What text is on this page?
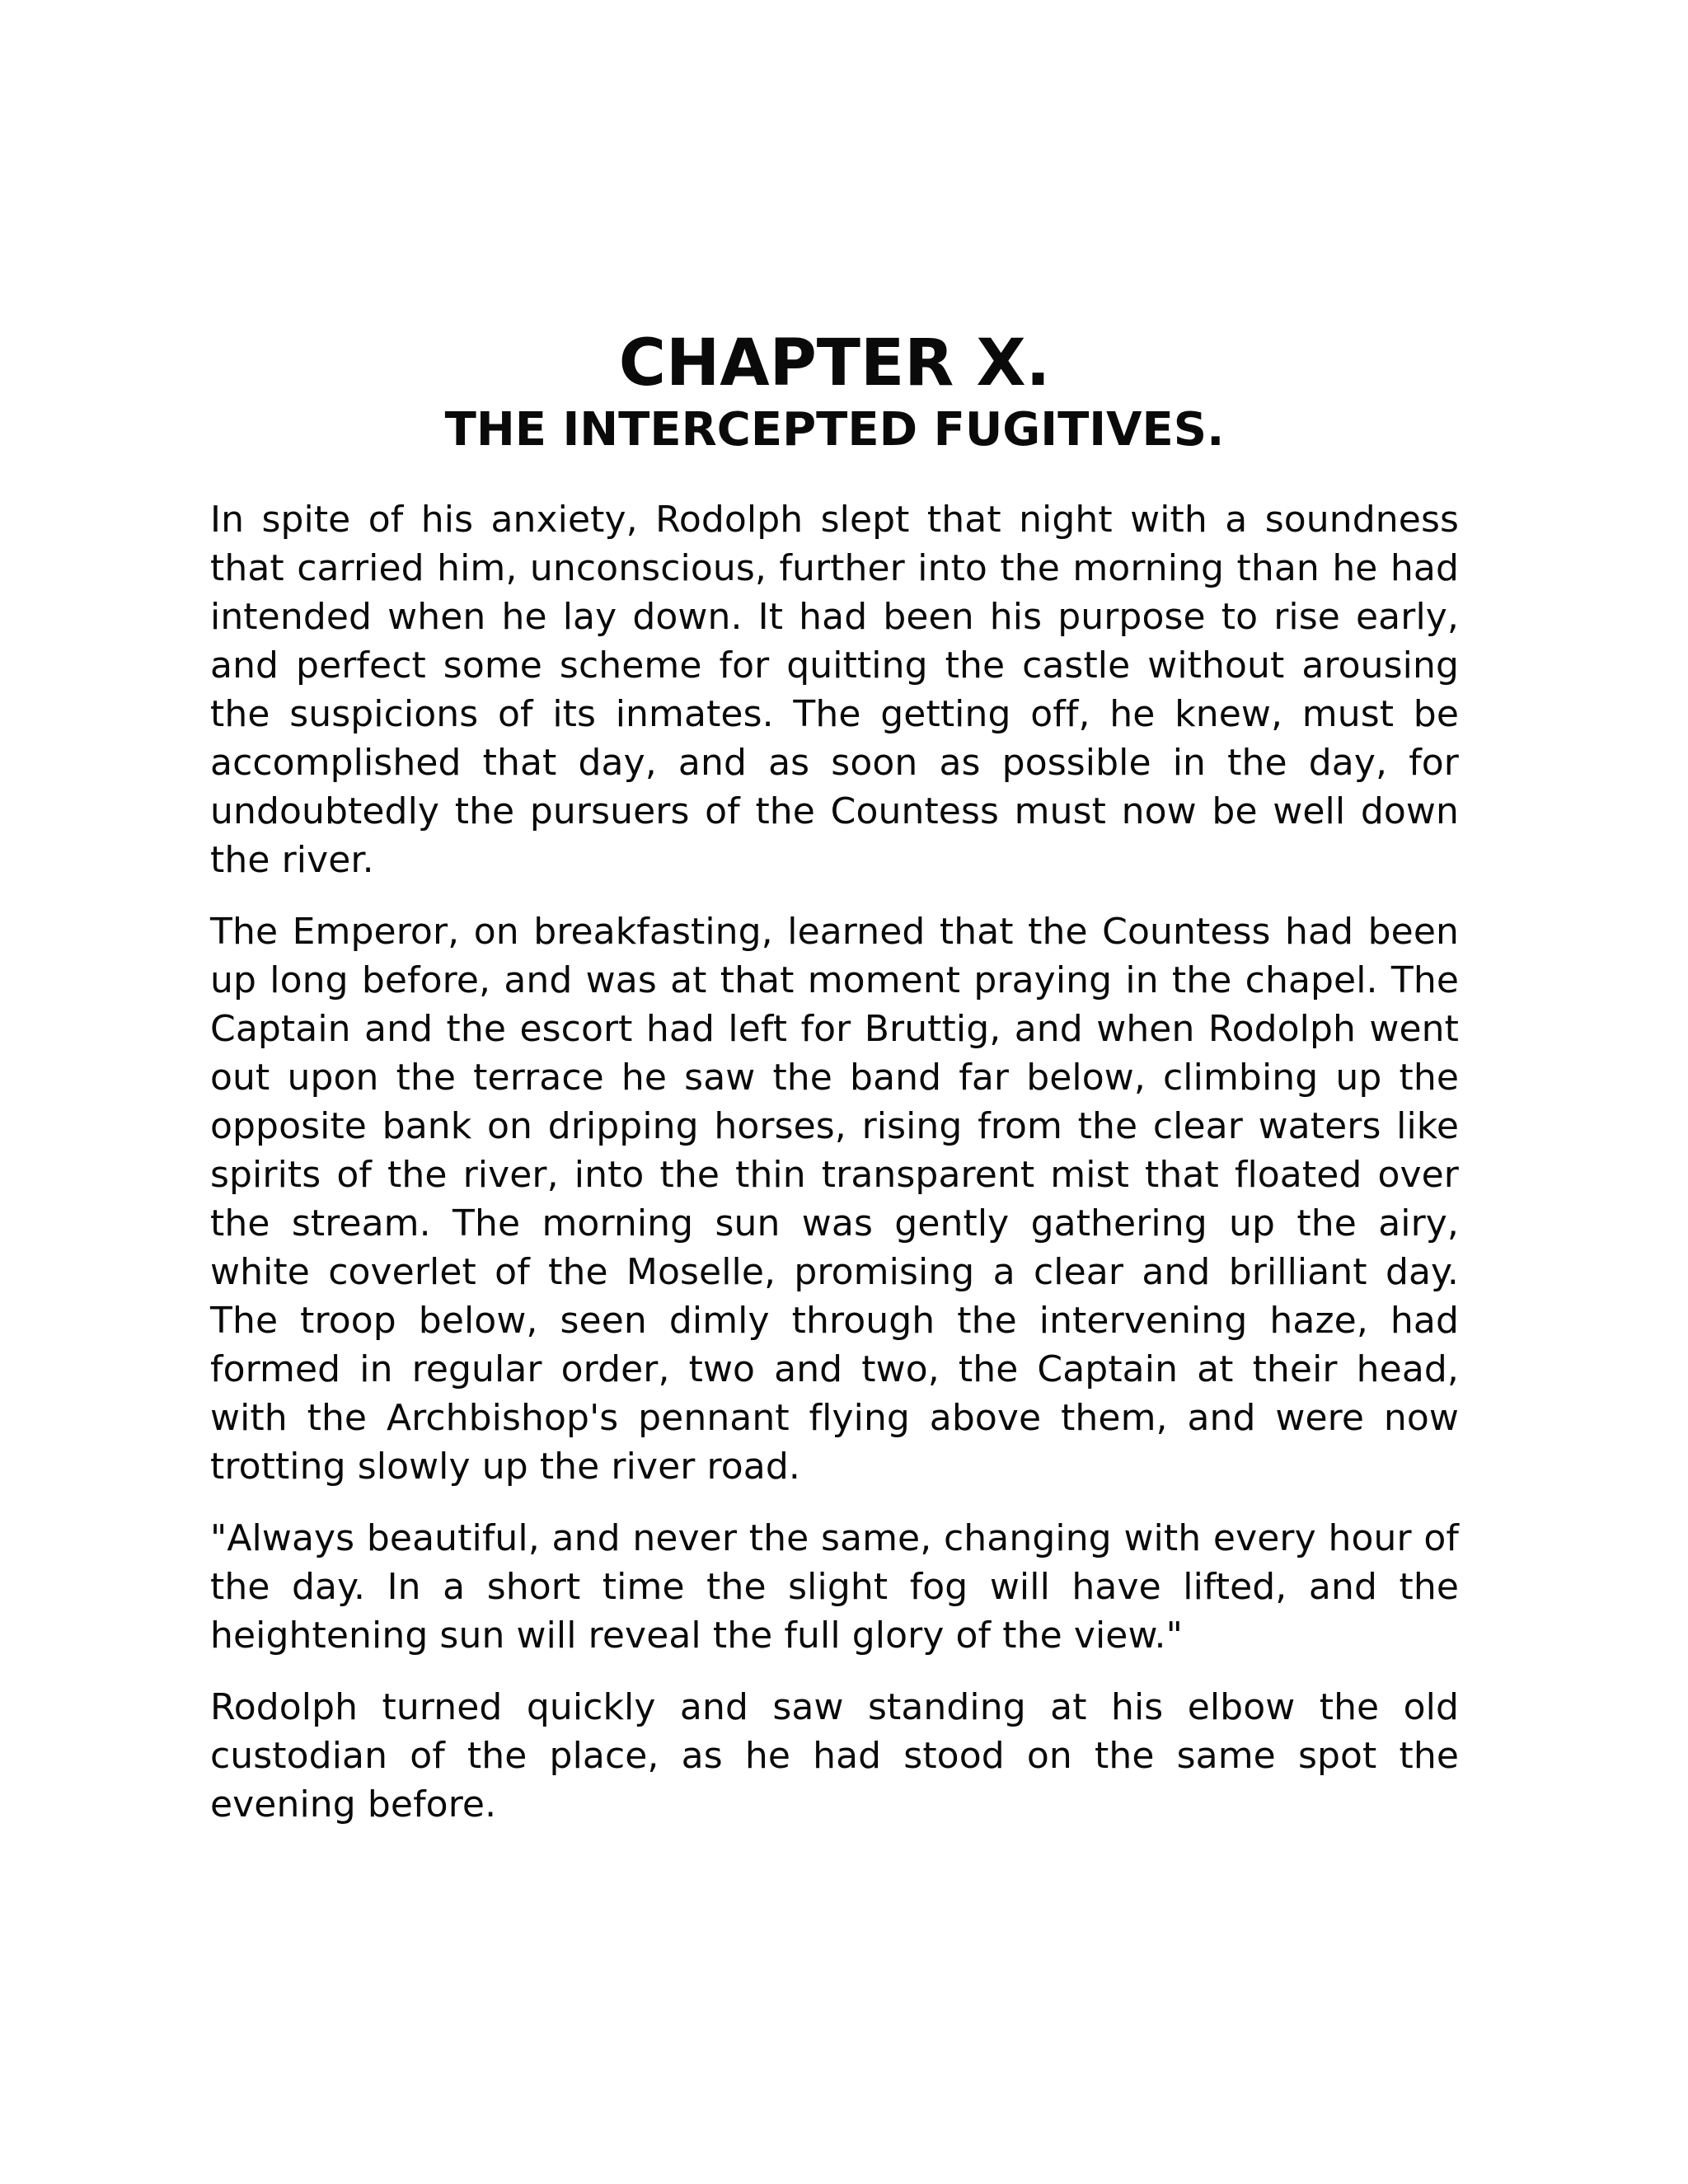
CHAPTER X.
THE INTERCEPTED FUGITIVES.

In spite of his anxiety, Rodolph slept that night with a soundness that carried him, unconscious, further into the morning than he had intended when he lay down. It had been his purpose to rise early, and perfect some scheme for quitting the castle without arousing the suspicions of its inmates. The getting off, he knew, must be accomplished that day, and as soon as possible in the day, for undoubtedly the pursuers of the Countess must now be well down the river.

The Emperor, on breakfasting, learned that the Countess had been up long before, and was at that moment praying in the chapel. The Captain and the escort had left for Bruttig, and when Rodolph went out upon the terrace he saw the band far below, climbing up the opposite bank on dripping horses, rising from the clear waters like spirits of the river, into the thin transparent mist that floated over the stream. The morning sun was gently gathering up the airy, white coverlet of the Moselle, promising a clear and brilliant day. The troop below, seen dimly through the intervening haze, had formed in regular order, two and two, the Captain at their head, with the Archbishop's pennant flying above them, and were now trotting slowly up the river road.

"Always beautiful, and never the same, changing with every hour of the day. In a short time the slight fog will have lifted, and the heightening sun will reveal the full glory of the view."

Rodolph turned quickly and saw standing at his elbow the old custodian of the place, as he had stood on the same spot the evening before.
